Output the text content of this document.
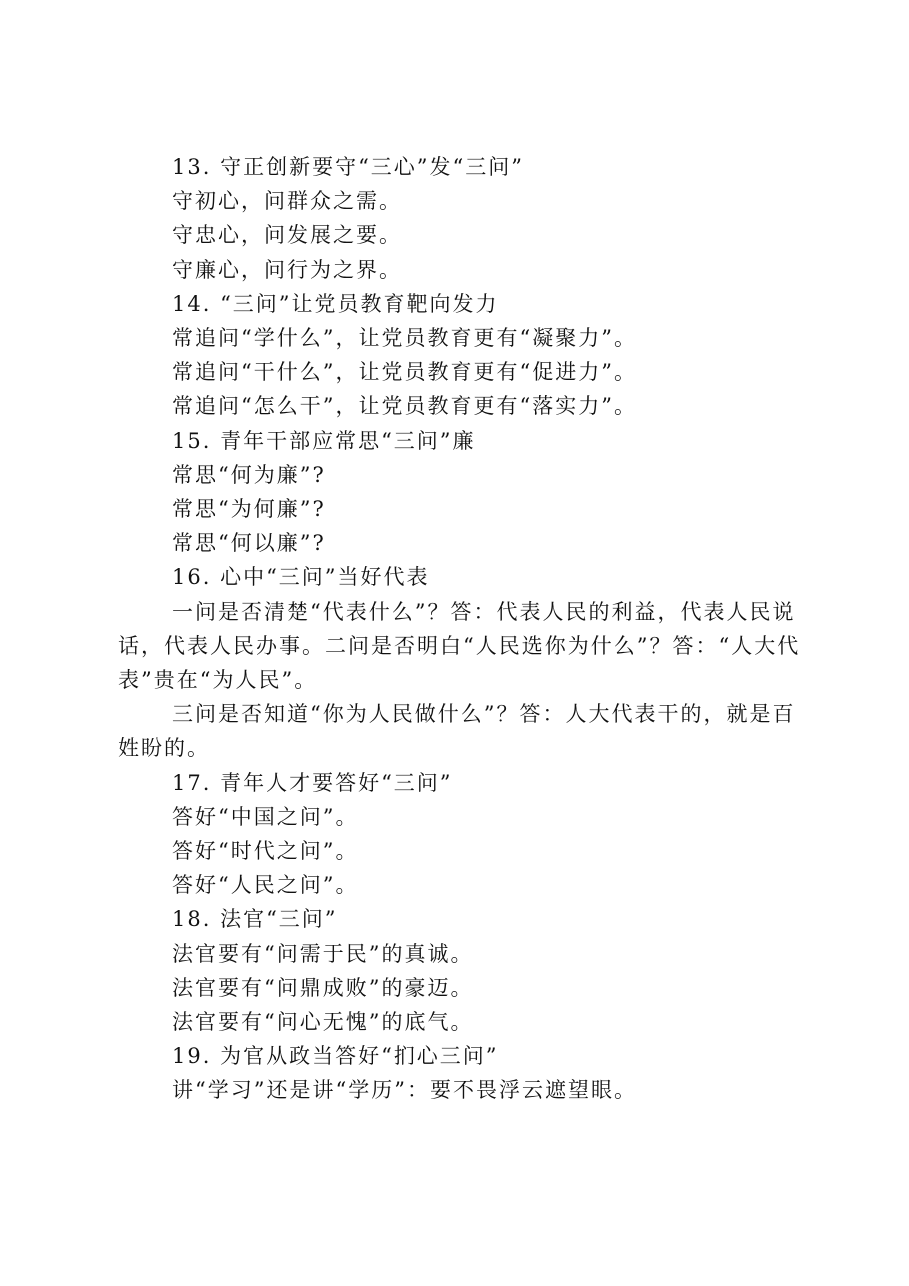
13. 守正创新要守“三心”发“三问”
守初心，问群众之需。
守忠心，问发展之要。
守廉心，问行为之界。
14. “三问”让党员教育靶向发力
常追问“学什么”，让党员教育更有“凝聚力”。
常追问“干什么”，让党员教育更有“促进力”。
常追问“怎么干”，让党员教育更有“落实力”。
15. 青年干部应常思“三问”廉
常思“何为廉”?
常思“为何廉”?
常思“何以廉”?
16. 心中“三问”当好代表
一问是否清楚“代表什么”？答：代表人民的利益，代表人民说话，代表人民办事。二问是否明白“人民选你为什么”？答：“人大代表”贵在“为人民”。
三问是否知道“你为人民做什么”？答：人大代表干的，就是百姓盼的。
17. 青年人才要答好“三问”
答好“中国之问”。
答好“时代之问”。
答好“人民之问”。
18. 法官“三问”
法官要有“问需于民”的真诚。
法官要有“问鼎成败”的豪迈。
法官要有“问心无愧”的底气。
19. 为官从政当答好“扪心三问”
讲“学习”还是讲“学历”：要不畏浮云遮望眼。
